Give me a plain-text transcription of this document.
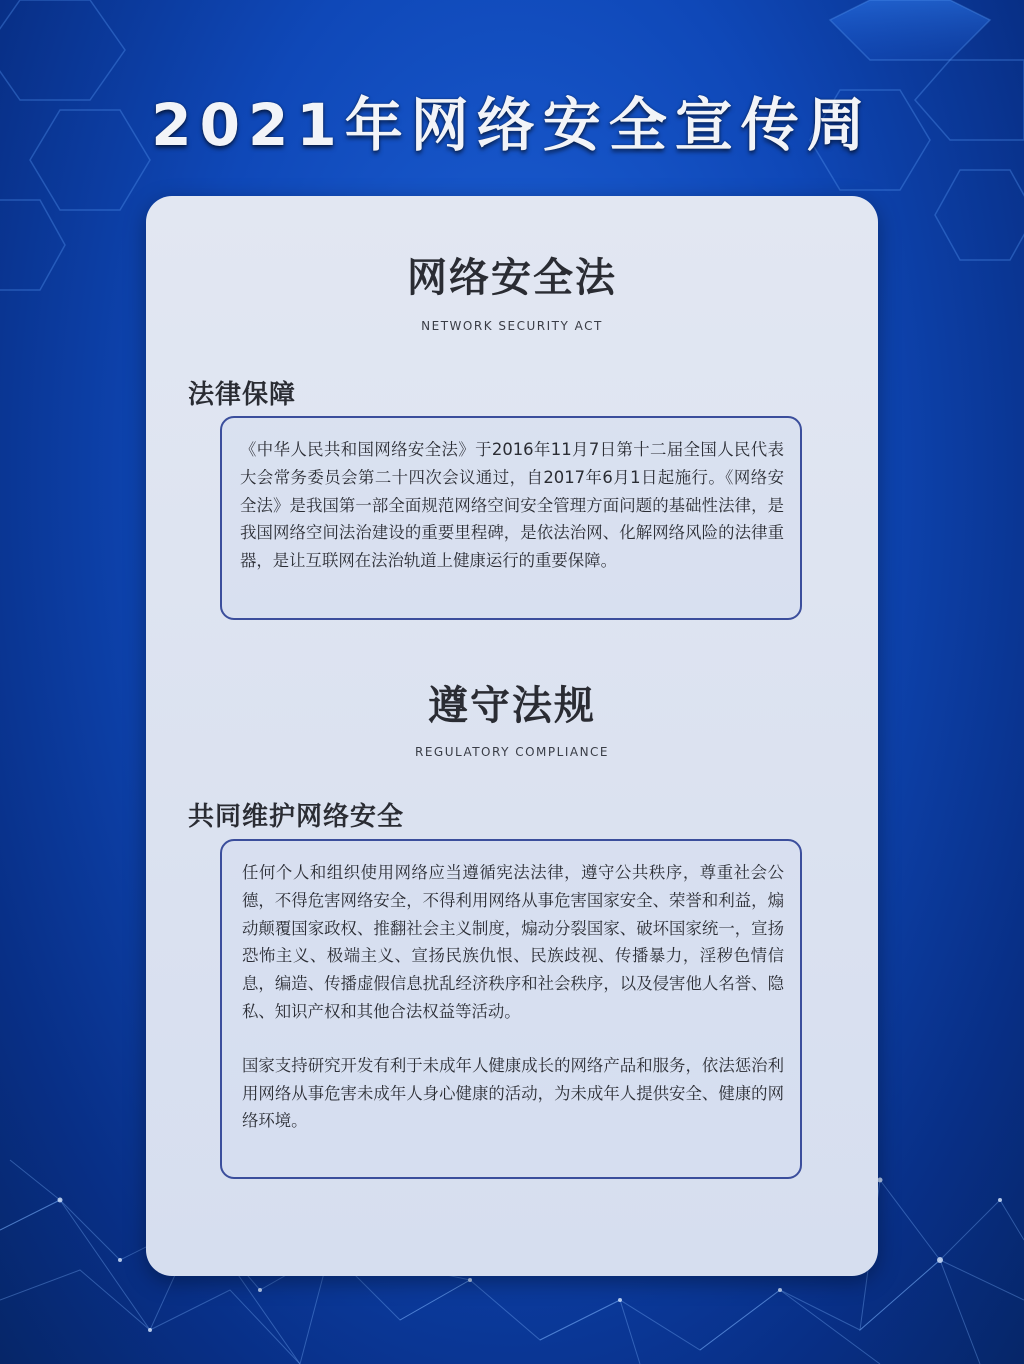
2021年网络安全宣传周
网络安全法
NETWORK SECURITY ACT
法律保障

《中华人民共和国网络安全法》于2016年11月7日第十二届全国人民代表大会常务委员会第二十四次会议通过，自2017年6月1日起施行。《网络安全法》是我国第一部全面规范网络空间安全管理方面问题的基础性法律，是我国网络空间法治建设的重要里程碑，是依法治网、化解网络风险的法律重器，是让互联网在法治轨道上健康运行的重要保障。

遵守法规
REGULATORY COMPLIANCE
共同维护网络安全

任何个人和组织使用网络应当遵循宪法法律，遵守公共秩序，尊重社会公德，不得危害网络安全，不得利用网络从事危害国家安全、荣誉和利益，煽动颠覆国家政权、推翻社会主义制度，煽动分裂国家、破坏国家统一，宣扬恐怖主义、极端主义、宣扬民族仇恨、民族歧视、传播暴力，淫秽色情信息，编造、传播虚假信息扰乱经济秩序和社会秩序，以及侵害他人名誉、隐私、知识产权和其他合法权益等活动。

国家支持研究开发有利于未成年人健康成长的网络产品和服务，依法惩治利用网络从事危害未成年人身心健康的活动，为未成年人提供安全、健康的网络环境。
